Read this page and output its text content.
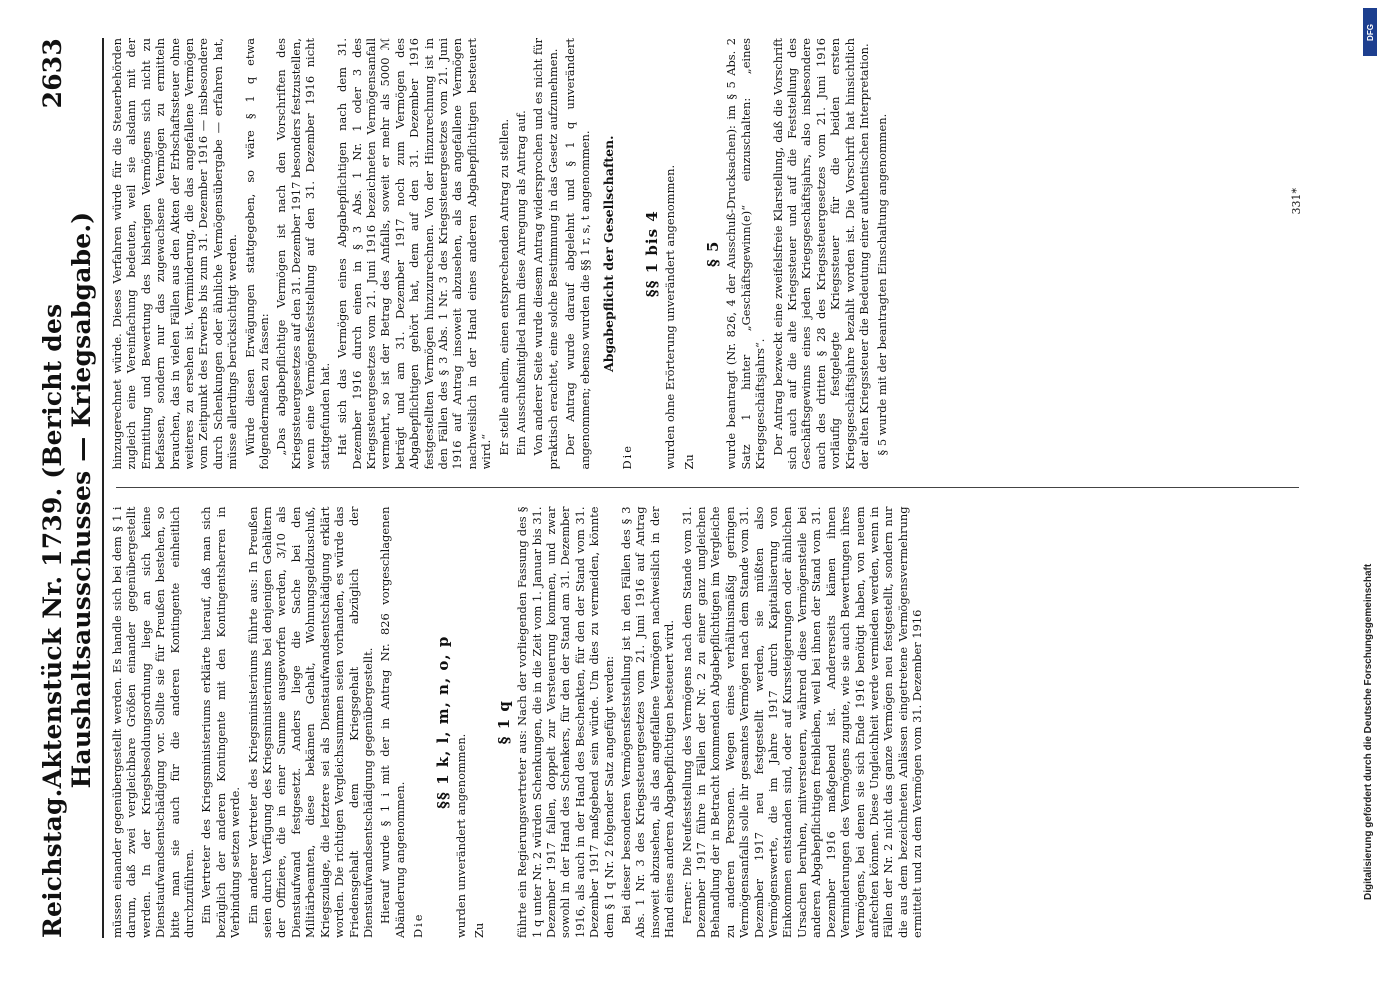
Reichstag.
Aktenstück Nr. 1739. (Bericht des Haushaltsausschusses — Kriegsabgabe.)
2633

müssen einander gegenübergestellt werden. Es handle sich bei dem § 1 i darum, daß zwei vergleichbare Größen einander gegenübergestellt werden. In der Kriegsbesoldungsordnung liege an sich keine Dienstaufwandsentschädigung vor. Sollte sie für Preußen bestehen, so bitte man sie auch für die anderen Kontingente einheitlich durchzuführen. Ein Vertreter des Kriegsministeriums erklärte hierauf, daß man sich bezüglich der anderen Kontingente mit den Kontingentsherren in Verbindung setzen werde. Ein anderer Vertreter des Kriegsministeriums führte aus: In Preußen seien durch Verfügung des Kriegsministeriums bei denjenigen Gehältern der Offiziere, die in einer Summe ausgeworfen werden, 3/10 als Dienstaufwand festgesetzt. Anders liege die Sache bei den Militärbeamten, diese bekämen Gehalt, Wohnungsgeldzuschuß, Kriegszulage, die letztere sei als Dienstaufwandsentschädigung erklärt worden. Die richtigen Vergleichssummen seien vorhanden, es würde das Friedensgehalt dem Kriegsgehalt abzüglich der Dienstaufwandsentschädigung gegenübergestellt. Hierauf wurde § 1 i mit der in Antrag Nr. 826 vorgeschlagenen Abänderung angenommen. Die
§§ 1 k, l, m, n, o, p

wurden unverändert angenommen. Zu
§ 1 q führte ein Regierungsvertreter aus: Nach der vorliegenden Fassung des § 1 q unter Nr. 2 würden Schenkungen, die in die Zeit vom 1. Januar bis 31. Dezember 1917 fallen, doppelt zur Versteuerung kommen, und zwar sowohl in der Hand des Schenkers, für den der Stand am 31. Dezember 1916, als auch in der Hand des Beschenkten, für den der Stand vom 31. Dezember 1917 maßgebend sein würde. Um dies zu vermeiden, könnte dem § 1 q Nr. 2 folgender Satz angefügt werden: Bei dieser besonderen Vermögensfeststellung ist in den Fällen des § 3 Abs. 1 Nr. 3 des Kriegssteuergesetzes vom 21. Juni 1916 auf Antrag insoweit abzusehen, als das angefallene Vermögen nachweislich in der Hand eines anderen Abgabepflichtigen besteuert wird. Ferner: Die Neufeststellung des Vermögens nach dem Stande vom 31. Dezember 1917 führe in Fällen der Nr. 2 zu einer ganz ungleichen Behandlung der in Betracht kommenden Abgabepflichtigen im Vergleiche zu anderen Personen. Wegen eines verhältnismäßig geringen Vermögensanfalls solle ihr gesamtes Vermögen nach dem Stande vom 31. Dezember 1917 neu festgestellt werden, sie müßten also Vermögenswerte, die im Jahre 1917 durch Kapitalisierung von Einkommen entstanden sind, oder auf Kurssteigerungen oder ähnlichen Ursachen beruhen, mitversteuern, während diese Vermögensteile bei anderen Abgabepflichtigen freibleiben, weil bei ihnen der Stand vom 31. Dezember 1916 maßgebend ist. Andererseits kämen ihnen Verminderungen des Vermögens zugute, wie sie auch Bewertungen ihres Vermögens, bei denen sie sich Ende 1916 benötigt haben, von neuem anfechten können. Diese Ungleichheit werde vermieden werden, wenn in Fällen der Nr. 2 nicht das ganze Vermögen neu festgestellt, sondern nur die aus dem bezeichneten Anlässen eingetretene Vermögensvermehrung ermittelt und zu dem Vermögen vom 31. Dezember 1916

hinzugerechnet würde. Dieses Verfahren würde für die Steuerbehörden zugleich eine Vereinfachung bedeuten, weil sie alsdann mit der Ermittlung und Bewertung des bisherigen Vermögens sich nicht zu befassen, sondern nur das zugewachsene Vermögen zu ermitteln brauchen, das in vielen Fällen aus den Akten der Erbschaftssteuer ohne weiteres zu ersehen ist. Verminderung, die das angefallene Vermögen vom Zeitpunkt des Erwerbs bis zum 31. Dezember 1916 — insbesondere durch Schenkungen oder ähnliche Vermögensübergabe — erfahren hat, müsse allerdings berücksichtigt werden. Würde diesen Erwägungen stattgegeben, so wäre § 1 q etwa folgendermaßen zu fassen: „Das abgabepflichtige Vermögen ist nach den Vorschriften des Kriegssteuergesetzes auf den 31. Dezember 1917 besonders festzustellen, wenn eine Vermögensfeststellung auf den 31. Dezember 1916 nicht stattgefunden hat. Hat sich das Vermögen eines Abgabepflichtigen nach dem 31. Dezember 1916 durch einen in § 3 Abs. 1 Nr. 1 oder 3 des Kriegssteuergesetzes vom 21. Juni 1916 bezeichneten Vermögensanfall vermehrt, so ist der Betrag des Anfalls, soweit er mehr als 5000 ℳ beträgt und am 31. Dezember 1917 noch zum Vermögen des Abgabepflichtigen gehört hat, dem auf den 31. Dezember 1916 festgestellten Vermögen hinzuzurechnen. Von der Hinzurechnung ist in den Fällen des § 3 Abs. 1 Nr. 3 des Kriegssteuergesetzes vom 21. Juni 1916 auf Antrag insoweit abzusehen, als das angefallene Vermögen nachweislich in der Hand eines anderen Abgabepflichtigen besteuert wird.“ Er stelle anheim, einen entsprechenden Antrag zu stellen. Ein Ausschußmitglied nahm diese Anregung als Antrag auf. Von anderer Seite wurde diesem Antrag widersprochen und es nicht für praktisch erachtet, eine solche Bestimmung in das Gesetz aufzunehmen. Der Antrag wurde darauf abgelehnt und § 1 q unverändert angenommen; ebenso wurden die §§ 1 r, s, t angenommen. Abgabepflicht der Gesellschaften.
Die
§§ 1 bis 4 wurden ohne Erörterung unverändert angenommen. Zu
§ 5 wurde beantragt (Nr. 826, 4 der Ausschuß-Drucksachen): im § 5 Abs. 2 Satz 1 hinter „Geschäftsgewinn(e)“ einzuschalten: „eines Kriegsgeschäftsjahrs“. Der Antrag bezweckt eine zweifelsfreie Klarstellung, daß die Vorschrift sich auch auf die alte Kriegssteuer und auf die Feststellung des Geschäftsgewinns eines jeden Kriegsgeschäftsjahrs, also insbesondere auch des dritten § 28 des Kriegssteuergesetzes vom 21. Juni 1916 vorläufig festgelegte Kriegssteuer für die beiden ersten Kriegsgeschäftsjahre bezahlt worden ist. Die Vorschrift hat hinsichtlich der alten Kriegssteuer die Bedeutung einer authentischen Interpretation. § 5 wurde mit der beantragten Einschaltung angenommen.	331*
DFG
Digitalisierung gefördert durch die Deutsche Forschungsgemeinschaft
